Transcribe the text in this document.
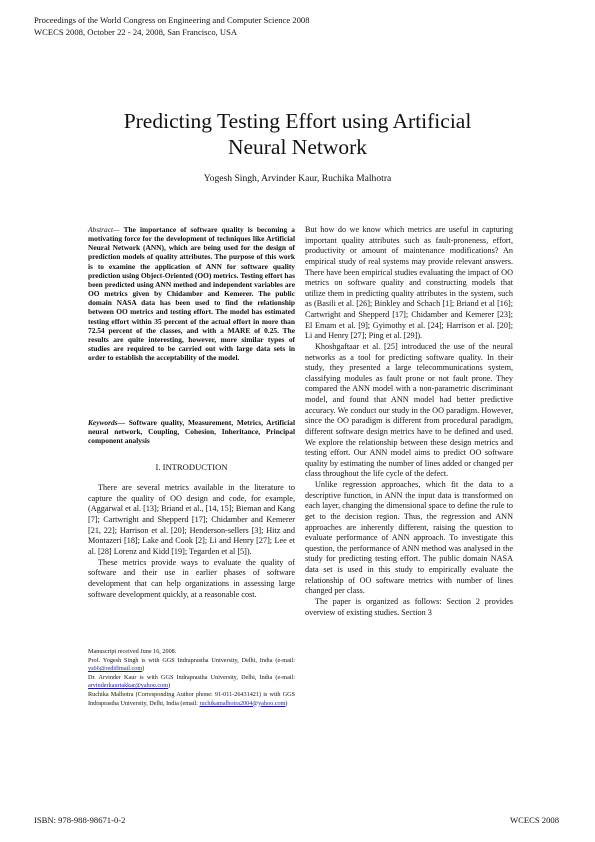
Proceedings of the World Congress on Engineering and Computer Science 2008
WCECS 2008, October 22 - 24, 2008, San Francisco, USA
Predicting Testing Effort using Artificial
Neural Network
Yogesh Singh, Arvinder Kaur, Ruchika Malhotra
Abstract— The importance of software quality is becoming a motivating force for the development of techniques like Artificial Neural Network (ANN), which are being used for the design of prediction models of quality attributes. The purpose of this work is to examine the application of ANN for software quality prediction using Object-Oriented (OO) metrics. Testing effort has been predicted using ANN method and independent variables are OO metrics given by Chidamber and Kemerer. The public domain NASA data has been used to find the relationship between OO metrics and testing effort. The model has estimated testing effort within 35 percent of the actual effort in more than 72.54 percent of the classes, and with a MARE of 0.25. The results are quite interesting, however, more similar types of studies are required to be carried out with large data sets in order to establish the acceptability of the model.
Keywords— Software quality, Measurement, Metrics, Artificial neural network, Coupling, Cohesion, Inheritance, Principal component analysis
I. INTRODUCTION

There are several metrics available in the literature to capture the quality of OO design and code, for example, (Aggarwal et al. [13]; Briand et al., [14, 15]; Bieman and Kang [7]; Cartwright and Shepperd [17]; Chidamber and Kemerer [21, 22]; Harrison et al. [20]; Henderson-sellers [3]; Hitz and Montazeri [18]; Lake and Cook [2]; Li and Henry [27]; Lee et al. [28] Lorenz and Kidd [19]; Tegarden et al [5]).

These metrics provide ways to evaluate the quality of software and their use in earlier phases of software development that can help organizations in assessing large software development quickly, at a reasonable cost.

Manuscript received June 16, 2008.

Prof. Yogesh Singh is with GGS Indraprastha University, Delhi, India (e-mail: ys66@rediffmail.com)

Dr. Arvinder Kaur is with GGS Indraprastha University, Delhi, India (e-mail: arvinderkaurtakkar@yahoo.com)

Ruchika Malhotra (Corresponding Author phone: 91-011-26431421) is with GGS Indraprastha University, Delhi, India (email: ruchikamalhotra2004@yahoo.com)

But how do we know which metrics are useful in capturing important quality attributes such as fault-proneness, effort, productivity or amount of maintenance modifications? An empirical study of real systems may provide relevant answers. There have been empirical studies evaluating the impact of OO metrics on software quality and constructing models that utilize them in predicting quality attributes in the system, such as (Basili et al. [26]; Binkley and Schach [1]; Briand et al [16]; Cartwright and Shepperd [17]; Chidamber and Kemerer [23]; El Emam et al. [9]; Gyimothy et al. [24]; Harrison et al. [20]; Li and Henry [27]; Ping et al. [29]).

Khoshgaftaar et al. [25] introduced the use of the neural networks as a tool for predicting software quality. In their study, they presented a large telecommunications system, classifying modules as fault prone or not fault prone. They compared the ANN model with a non-parametric discriminant model, and found that ANN model had better predictive accuracy. We conduct our study in the OO paradigm. However, since the OO paradigm is different from procedural paradigm, different software design metrics have to be defined and used. We explore the relationship between these design metrics and testing effort. Our ANN model aims to predict OO software quality by estimating the number of lines added or changed per class throughout the life cycle of the defect.

Unlike regression approaches, which fit the data to a descriptive function, in ANN the input data is transformed on each layer, changing the dimensional space to define the rule to get to the decision region. Thus, the regression and ANN approaches are inherently different, raising the question to evaluate performance of ANN approach. To investigate this question, the performance of ANN method was analysed in the study for predicting testing effort. The public domain NASA data set is used in this study to empirically evaluate the relationship of OO software metrics with number of lines changed per class.

The paper is organized as follows: Section 2 provides overview of existing studies. Section 3

ISBN: 978-988-98671-0-2	WCECS 2008
